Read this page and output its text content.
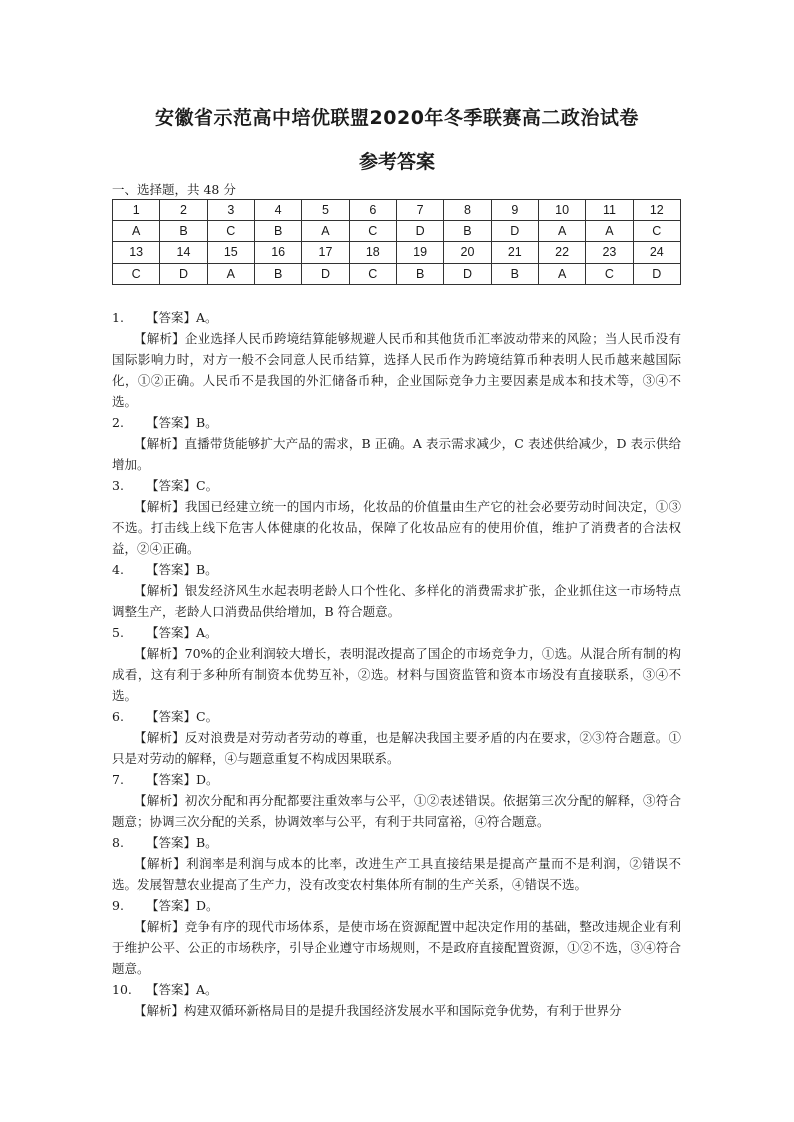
安徽省示范高中培优联盟2020年冬季联赛高二政治试卷
参考答案
一、选择题，共 48 分
1	2	3	4	5	6	7	8	9	10	11	12
A	B	C	B	A	C	D	B	D	A	A	C
13	14	15	16	17	18	19	20	21	22	23	24
C	D	A	B	D	C	B	D	B	A	C	D
1. 【答案】A。

【解析】企业选择人民币跨境结算能够规避人民币和其他货币汇率波动带来的风险；当人民币没有国际影响力时，对方一般不会同意人民币结算，选择人民币作为跨境结算币种表明人民币越来越国际化，①②正确。人民币不是我国的外汇储备币种，企业国际竞争力主要因素是成本和技术等，③④不选。

2. 【答案】B。

【解析】直播带货能够扩大产品的需求，B 正确。A 表示需求减少，C 表述供给减少，D 表示供给增加。

3. 【答案】C。

【解析】我国已经建立统一的国内市场，化妆品的价值量由生产它的社会必要劳动时间决定，①③不选。打击线上线下危害人体健康的化妆品，保障了化妆品应有的使用价值，维护了消费者的合法权益，②④正确。

4. 【答案】B。

【解析】银发经济风生水起表明老龄人口个性化、多样化的消费需求扩张，企业抓住这一市场特点调整生产，老龄人口消费品供给增加，B 符合题意。

5. 【答案】A。

【解析】70%的企业利润较大增长，表明混改提高了国企的市场竞争力，①选。从混合所有制的构成看，这有利于多种所有制资本优势互补，②选。材料与国资监管和资本市场没有直接联系，③④不选。

6. 【答案】C。

【解析】反对浪费是对劳动者劳动的尊重，也是解决我国主要矛盾的内在要求，②③符合题意。①只是对劳动的解释，④与题意重复不构成因果联系。

7. 【答案】D。

【解析】初次分配和再分配都要注重效率与公平，①②表述错误。依据第三次分配的解释，③符合题意；协调三次分配的关系，协调效率与公平，有利于共同富裕，④符合题意。

8. 【答案】B。

【解析】利润率是利润与成本的比率，改进生产工具直接结果是提高产量而不是利润，②错误不选。发展智慧农业提高了生产力，没有改变农村集体所有制的生产关系，④错误不选。

9. 【答案】D。

【解析】竞争有序的现代市场体系，是使市场在资源配置中起决定作用的基础，整改违规企业有利于维护公平、公正的市场秩序，引导企业遵守市场规则，不是政府直接配置资源，①②不选，③④符合题意。

10. 【答案】A。

【解析】构建双循环新格局目的是提升我国经济发展水平和国际竞争优势，有利于世界分
